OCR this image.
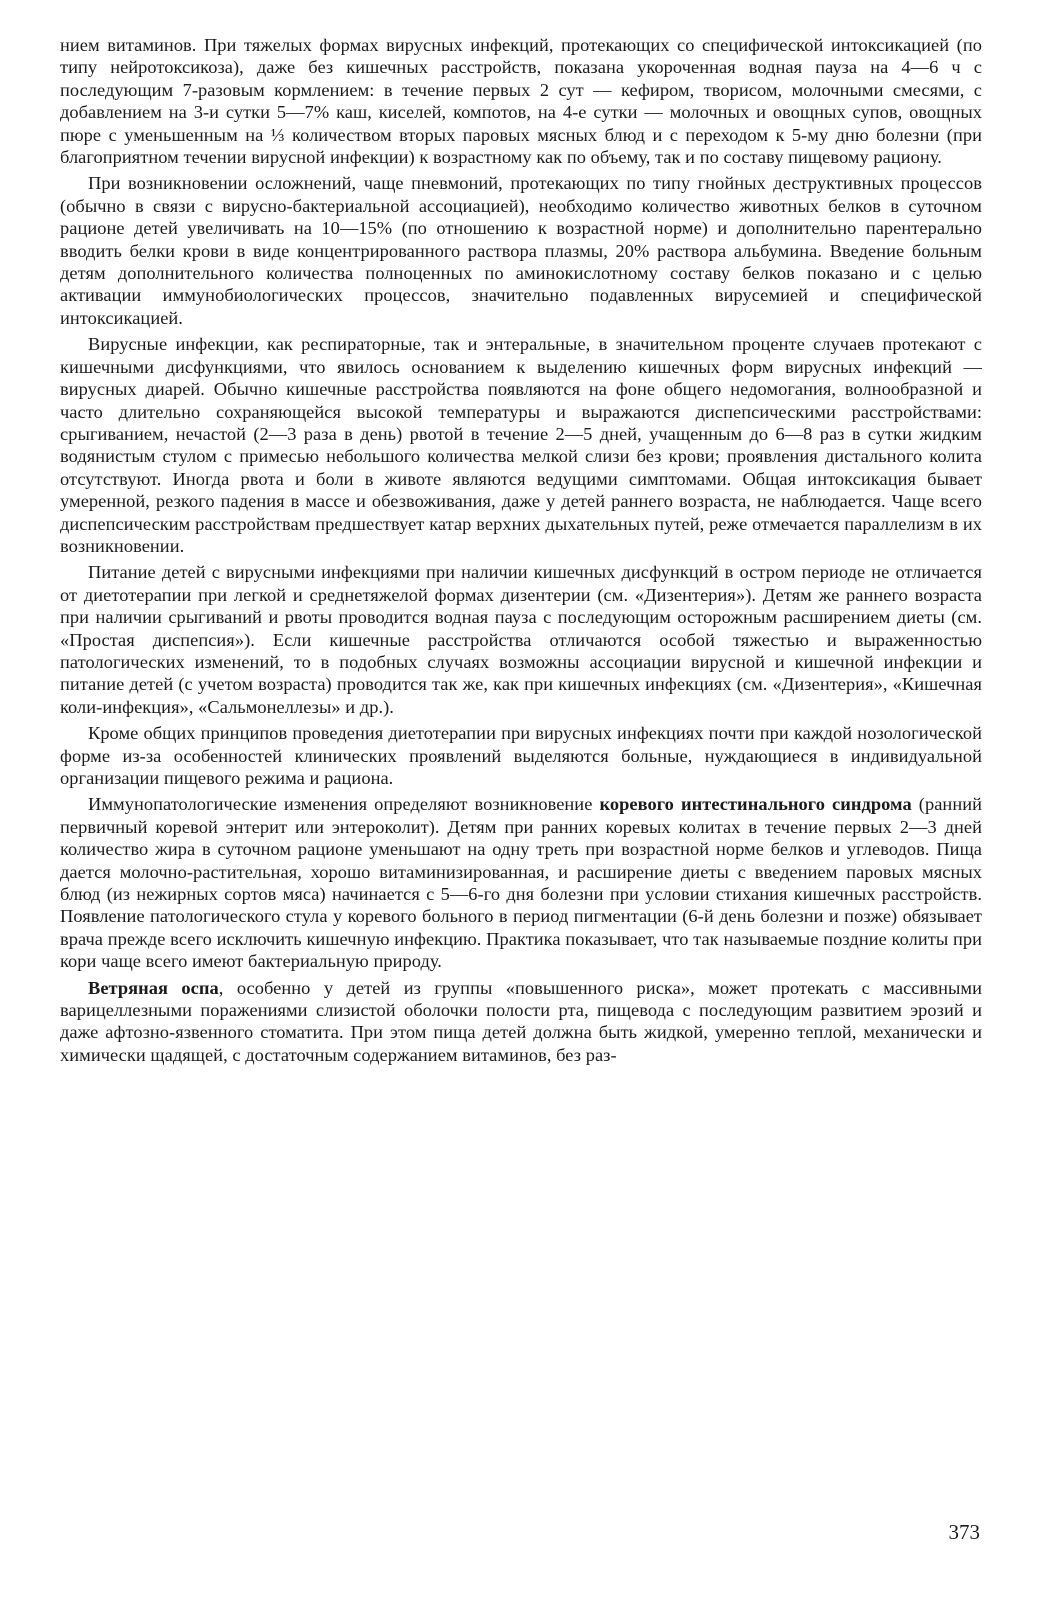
нием витаминов. При тяжелых формах вирусных инфекций, протекающих со специфической интоксикацией (по типу нейротоксикоза), даже без кишечных расстройств, показана укороченная водная пауза на 4—6 ч с последующим 7-разовым кормлением: в течение первых 2 сут — кефиром, творисом, молочными смесями, с добавлением на 3-и сутки 5—7% каш, киселей, компотов, на 4-е сутки — молочных и овощных супов, овощных пюре с уменьшенным на ⅓ количеством вторых паровых мясных блюд и с переходом к 5-му дню болезни (при благоприятном течении вирусной инфекции) к возрастному как по объему, так и по составу пищевому рациону.

При возникновении осложнений, чаще пневмоний, протекающих по типу гнойных деструктивных процессов (обычно в связи с вирусно-бактериальной ассоциацией), необходимо количество животных белков в суточном рационе детей увеличивать на 10—15% (по отношению к возрастной норме) и дополнительно парентерально вводить белки крови в виде концентрированного раствора плазмы, 20% раствора альбумина. Введение больным детям дополнительного количества полноценных по аминокислотному составу белков показано и с целью активации иммунобиологических процессов, значительно подавленных вирусемией и специфической интоксикацией.

Вирусные инфекции, как респираторные, так и энтеральные, в значительном проценте случаев протекают с кишечными дисфункциями, что явилось основанием к выделению кишечных форм вирусных инфекций — вирусных диарей. Обычно кишечные расстройства появляются на фоне общего недомогания, волнообразной и часто длительно сохраняющейся высокой температуры и выражаются диспепсическими расстройствами: срыгиванием, нечастой (2—3 раза в день) рвотой в течение 2—5 дней, учащенным до 6—8 раз в сутки жидким водянистым стулом с примесью небольшого количества мелкой слизи без крови; проявления дистального колита отсутствуют. Иногда рвота и боли в животе являются ведущими симптомами. Общая интоксикация бывает умеренной, резкого падения в массе и обезвоживания, даже у детей раннего возраста, не наблюдается. Чаще всего диспепсическим расстройствам предшествует катар верхних дыхательных путей, реже отмечается параллелизм в их возникновении.

Питание детей с вирусными инфекциями при наличии кишечных дисфункций в остром периоде не отличается от диетотерапии при легкой и среднетяжелой формах дизентерии (см. «Дизентерия»). Детям же раннего возраста при наличии срыгиваний и рвоты проводится водная пауза с последующим осторожным расширением диеты (см. «Простая диспепсия»). Если кишечные расстройства отличаются особой тяжестью и выраженностью патологических изменений, то в подобных случаях возможны ассоциации вирусной и кишечной инфекции и питание детей (с учетом возраста) проводится так же, как при кишечных инфекциях (см. «Дизентерия», «Кишечная коли-инфекция», «Сальмонеллезы» и др.).

Кроме общих принципов проведения диетотерапии при вирусных инфекциях почти при каждой нозологической форме из-за особенностей клинических проявлений выделяются больные, нуждающиеся в индивидуальной организации пищевого режима и рациона.

Иммунопатологические изменения определяют возникновение коревого интестинального синдрома (ранний первичный коревой энтерит или энтероколит). Детям при ранних коревых колитах в течение первых 2—3 дней количество жира в суточном рационе уменьшают на одну треть при возрастной норме белков и углеводов. Пища дается молочно-растительная, хорошо витаминизированная, и расширение диеты с введением паровых мясных блюд (из нежирных сортов мяса) начинается с 5—6-го дня болезни при условии стихания кишечных расстройств. Появление патологического стула у коревого больного в период пигментации (6-й день болезни и позже) обязывает врача прежде всего исключить кишечную инфекцию. Практика показывает, что так называемые поздние колиты при кори чаще всего имеют бактериальную природу.

Ветряная оспа, особенно у детей из группы «повышенного риска», может протекать с массивными варицеллезными поражениями слизистой оболочки полости рта, пищевода с последующим развитием эрозий и даже афтозно-язвенного стоматита. При этом пища детей должна быть жидкой, умеренно теплой, механически и химически щадящей, с достаточным содержанием витаминов, без раз-

373
